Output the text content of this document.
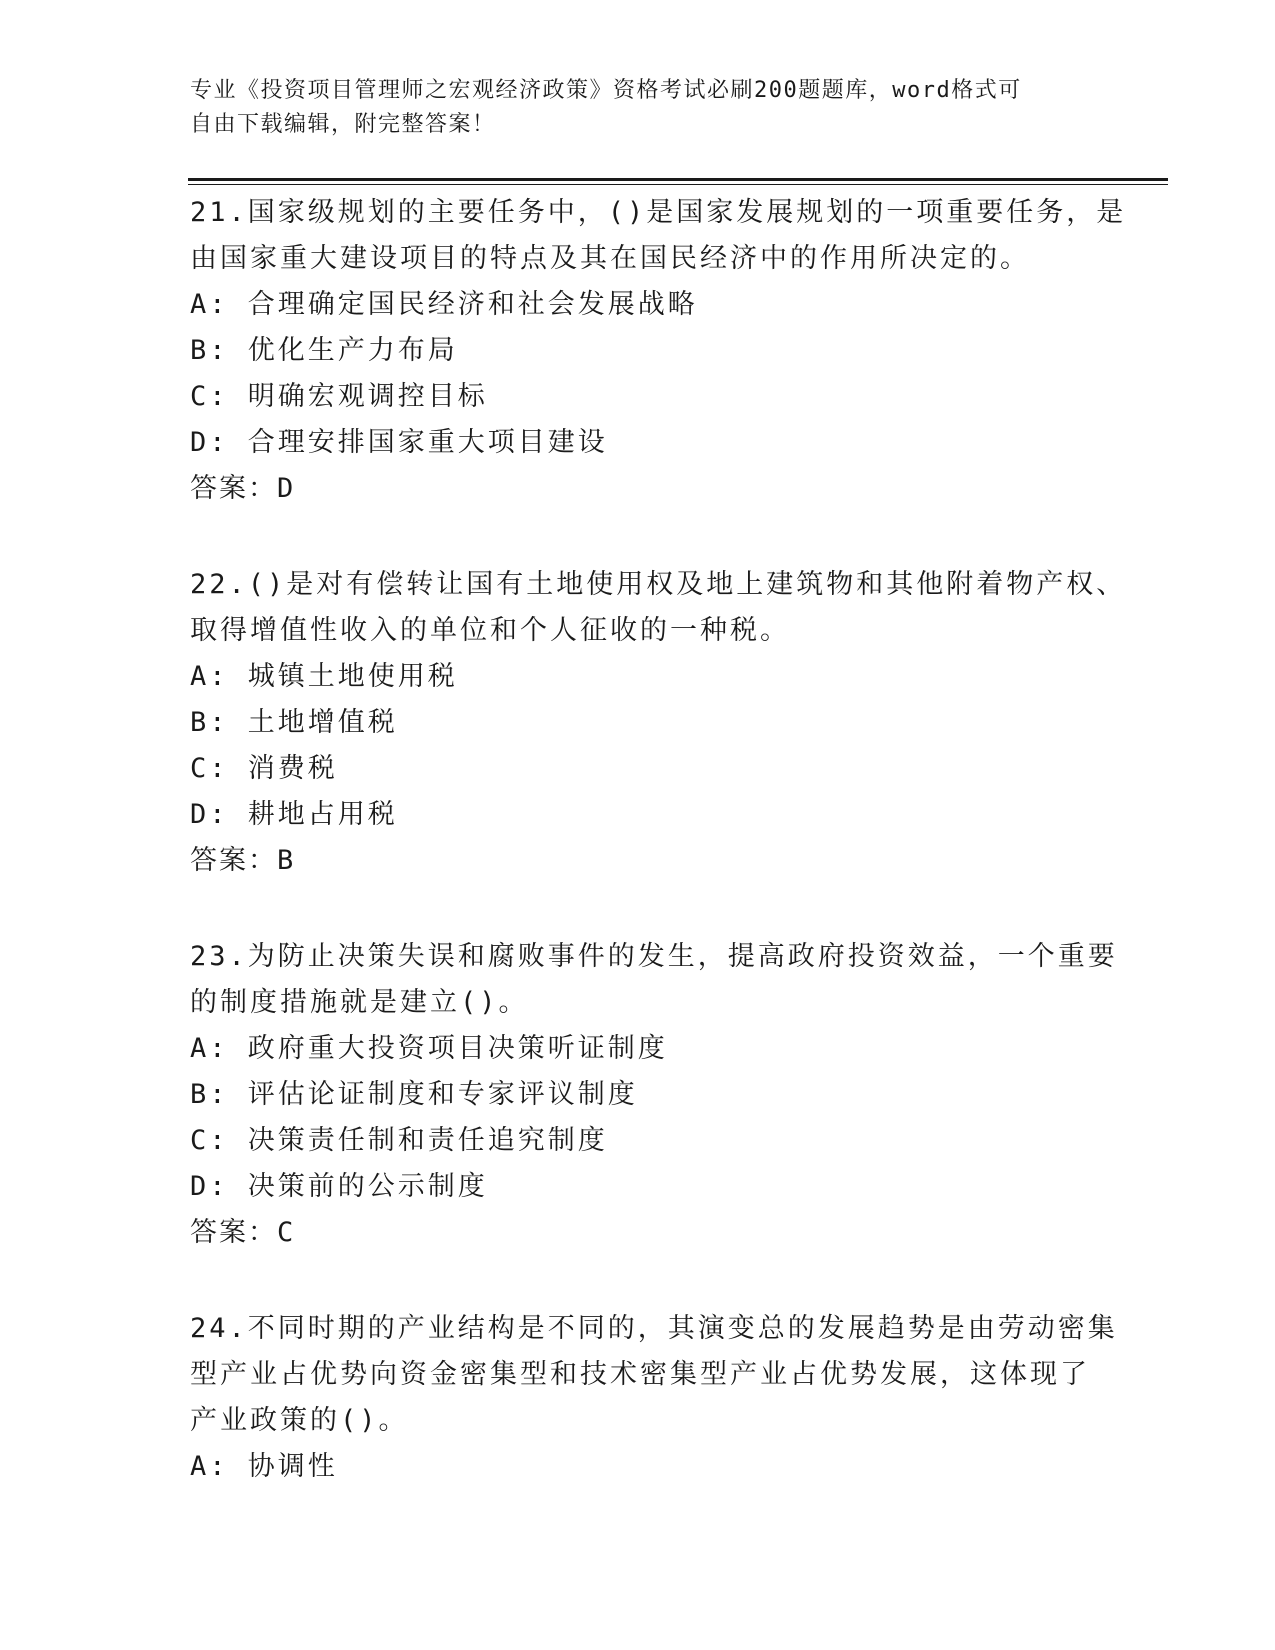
专业《投资项目管理师之宏观经济政策》资格考试必刷200题题库，word格式可
自由下载编辑，附完整答案！
21.国家级规划的主要任务中，()是国家发展规划的一项重要任务，是
由国家重大建设项目的特点及其在国民经济中的作用所决定的。
A: 合理确定国民经济和社会发展战略
B: 优化生产力布局
C: 明确宏观调控目标
D: 合理安排国家重大项目建设
答案：D
22.()是对有偿转让国有土地使用权及地上建筑物和其他附着物产权、
取得增值性收入的单位和个人征收的一种税。
A: 城镇土地使用税
B: 土地增值税
C: 消费税
D: 耕地占用税
答案：B
23.为防止决策失误和腐败事件的发生，提高政府投资效益，一个重要
的制度措施就是建立()。
A: 政府重大投资项目决策听证制度
B: 评估论证制度和专家评议制度
C: 决策责任制和责任追究制度
D: 决策前的公示制度
答案：C
24.不同时期的产业结构是不同的，其演变总的发展趋势是由劳动密集
型产业占优势向资金密集型和技术密集型产业占优势发展，这体现了
产业政策的()。
A: 协调性
